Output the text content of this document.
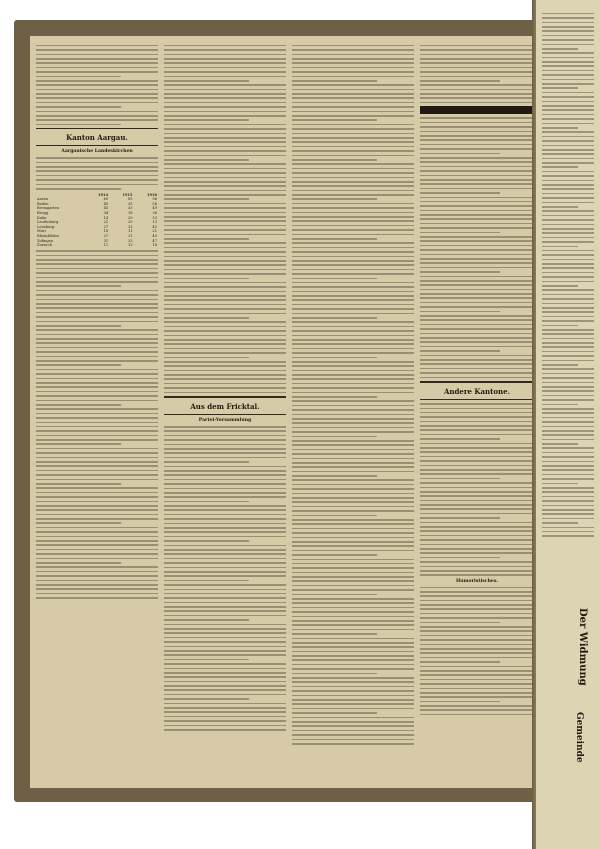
Kanton Aargau.
Aargauische Landeskirchen
	1914	1915	1916
Aarau	60	85	96
Baden	49	35	56
Bremgarten	45	33	49
Brugg	34	18	36
Kulm	14	29	33
Laufenburg	21	20	13
Lenzburg	27	33	43
Muri	18	11	21
Rheinfelden	27	21	45
Zofingen	31	33	47
Zurzach	11	13	18
Aus dem Fricktal.
Partei-Versammlung

Andere Kantone.
Humoristisches.
Der Widmung
Gemeinde
